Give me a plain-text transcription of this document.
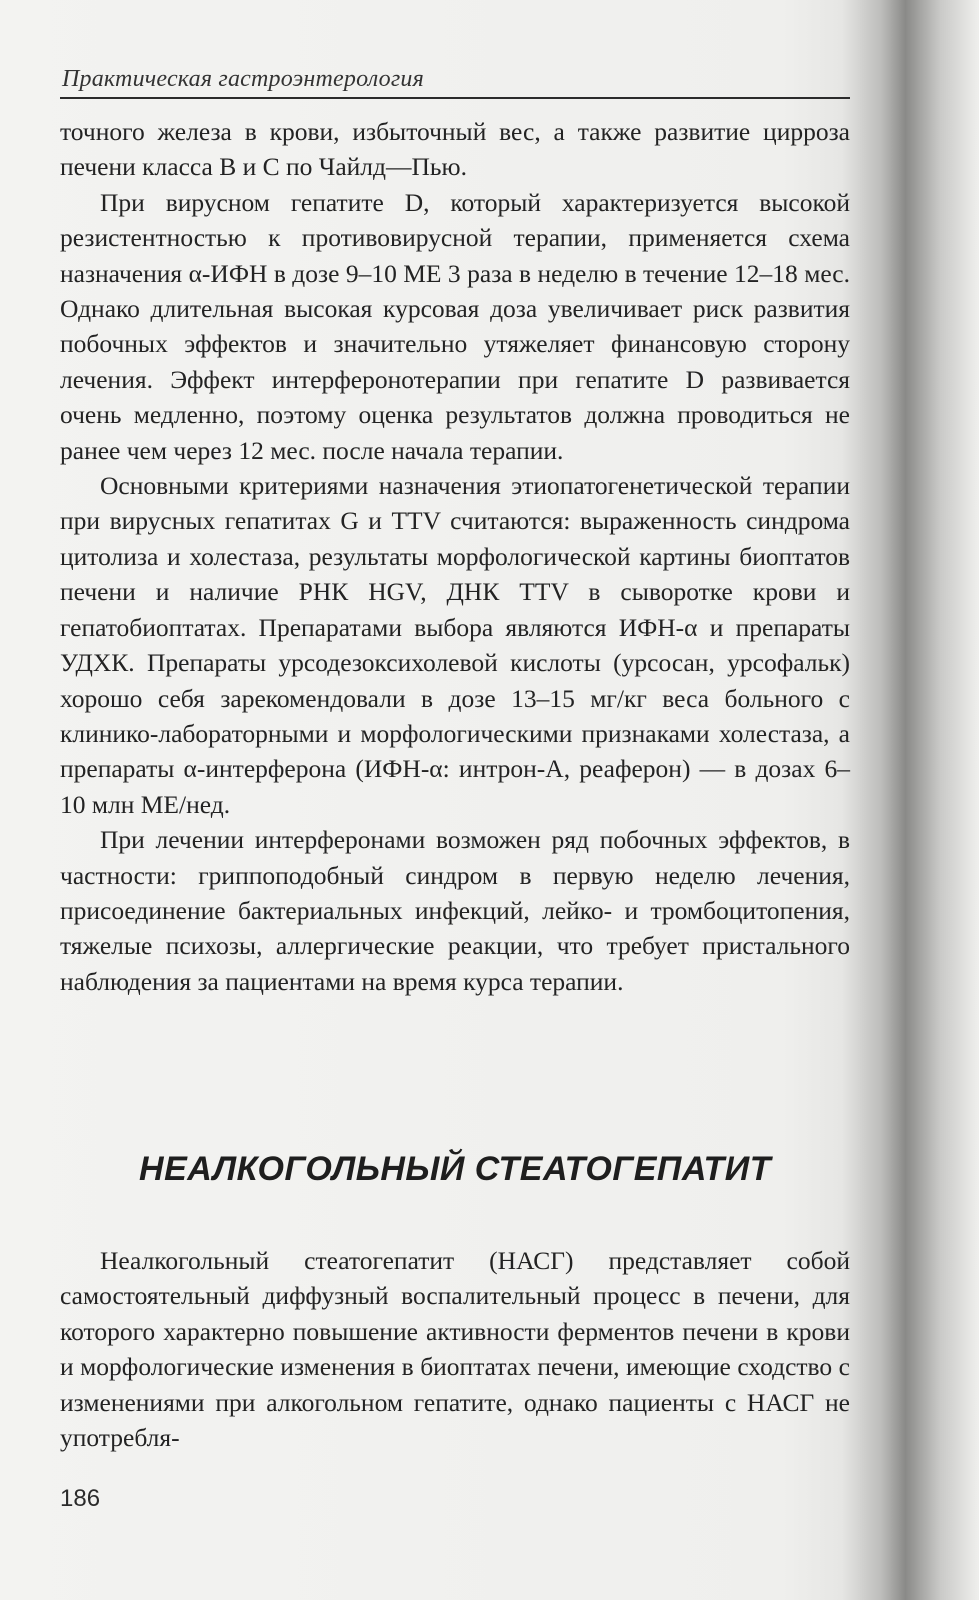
Практическая гастроэнтерология

точного железа в крови, избыточный вес, а также развитие цирроза печени класса В и С по Чайлд—Пью.

При вирусном гепатите D, который характеризуется высокой резистентностью к противовирусной терапии, применяется схема назначения α-ИФН в дозе 9–10 МЕ 3 раза в неделю в течение 12–18 мес. Однако длительная высокая курсовая доза увеличивает риск развития побочных эффектов и значительно утяжеляет финансовую сторону лечения. Эффект интерферонотерапии при гепатите D развивается очень медленно, поэтому оценка результатов должна проводиться не ранее чем через 12 мес. после начала терапии.

Основными критериями назначения этиопатогенетической терапии при вирусных гепатитах G и TTV считаются: выраженность синдрома цитолиза и холестаза, результаты морфологической картины биоптатов печени и наличие РНК HGV, ДНК TTV в сыворотке крови и гепатобиоптатах. Препаратами выбора являются ИФН-α и препараты УДХК. Препараты урсодезоксихолевой кислоты (урсосан, урсофальк) хорошо себя зарекомендовали в дозе 13–15 мг/кг веса больного с клинико-лабораторными и морфологическими признаками холестаза, а препараты α-интерферона (ИФН-α: интрон-А, реаферон) — в дозах 6–10 млн МЕ/нед.

При лечении интерферонами возможен ряд побочных эффектов, в частности: гриппоподобный синдром в первую неделю лечения, присоединение бактериальных инфекций, лейко- и тромбоцитопения, тяжелые психозы, аллергические реакции, что требует пристального наблюдения за пациентами на время курса терапии.

НЕАЛКОГОЛЬНЫЙ СТЕАТОГЕПАТИТ

Неалкогольный стеатогепатит (НАСГ) представляет собой самостоятельный диффузный воспалительный процесс в печени, для которого характерно повышение активности ферментов печени в крови и морфологические изменения в биоптатах печени, имеющие сходство с изменениями при алкогольном гепатите, однако пациенты с НАСГ не употребля-

186
